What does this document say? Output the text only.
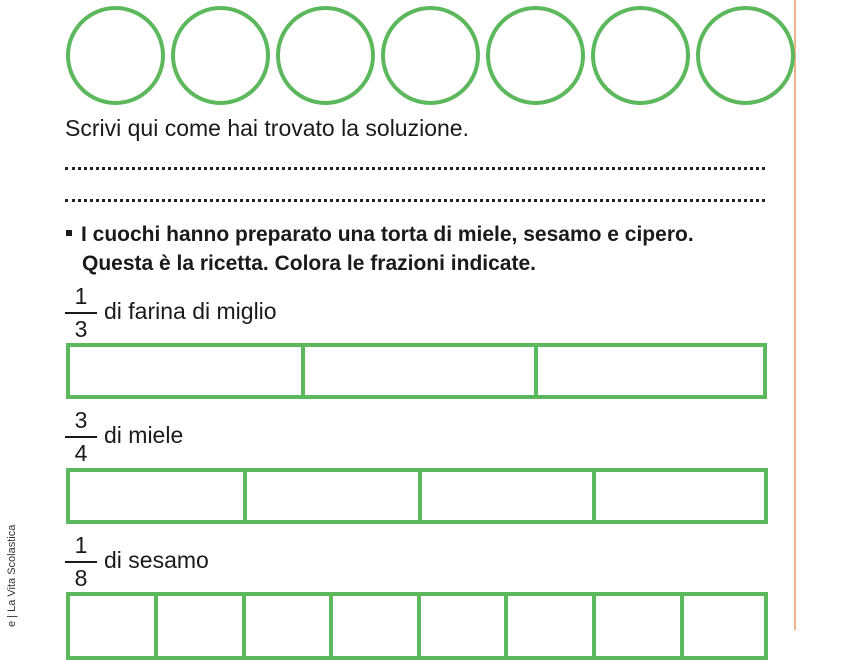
e | La Vita Scolastica
Scrivi qui come hai trovato la soluzione.
I cuochi hanno preparato una torta di miele, sesamo e cipero.
Questa è la ricetta. Colora le frazioni indicate.
$\frac{1}{3}$ di farina di miglio
$\frac{3}{4}$ di miele
$\frac{1}{8}$ di sesamo
